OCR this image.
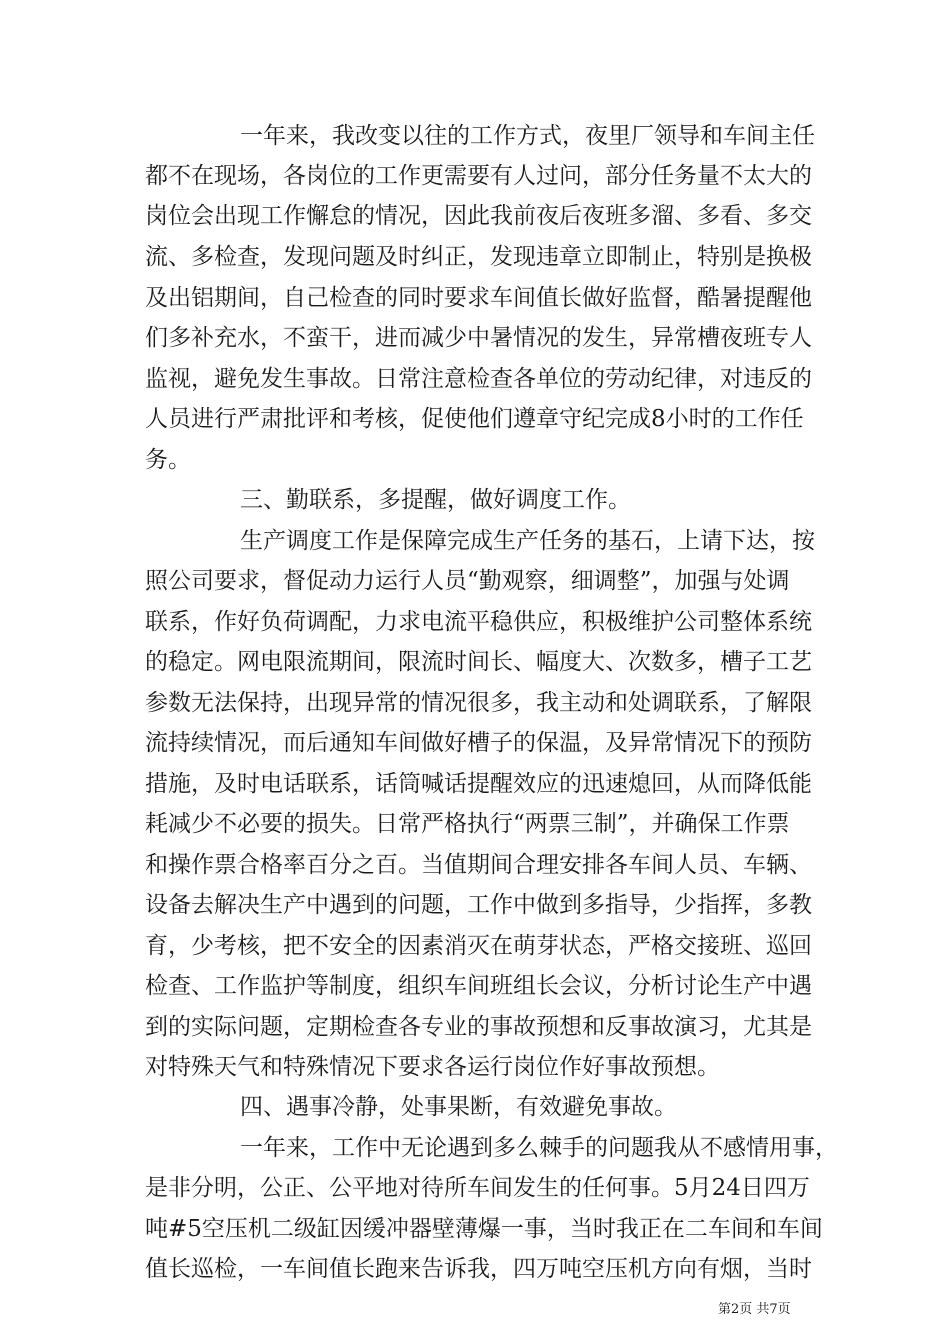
一年来，我改变以往的工作方式，夜里厂领导和车间主任
都不在现场，各岗位的工作更需要有人过问，部分任务量不太大的
岗位会出现工作懈怠的情况，因此我前夜后夜班多溜、多看、多交
流、多检查，发现问题及时纠正，发现违章立即制止，特别是换极
及出铝期间，自己检查的同时要求车间值长做好监督，酷暑提醒他
们多补充水，不蛮干，进而减少中暑情况的发生，异常槽夜班专人
监视，避免发生事故。日常注意检查各单位的劳动纪律，对违反的
人员进行严肃批评和考核，促使他们遵章守纪完成8小时的工作任
务。
三、勤联系，多提醒，做好调度工作。
生产调度工作是保障完成生产任务的基石，上请下达，按
照公司要求，督促动力运行人员“勤观察，细调整”，加强与处调
联系，作好负荷调配，力求电流平稳供应，积极维护公司整体系统
的稳定。网电限流期间，限流时间长、幅度大、次数多，槽子工艺
参数无法保持，出现异常的情况很多，我主动和处调联系，了解限
流持续情况，而后通知车间做好槽子的保温，及异常情况下的预防
措施，及时电话联系，话筒喊话提醒效应的迅速熄回，从而降低能
耗减少不必要的损失。日常严格执行“两票三制”，并确保工作票
和操作票合格率百分之百。当值期间合理安排各车间人员、车辆、
设备去解决生产中遇到的问题，工作中做到多指导，少指挥，多教
育，少考核，把不安全的因素消灭在萌芽状态，严格交接班、巡回
检查、工作监护等制度，组织车间班组长会议，分析讨论生产中遇
到的实际问题，定期检查各专业的事故预想和反事故演习，尤其是
对特殊天气和特殊情况下要求各运行岗位作好事故预想。
四、遇事冷静，处事果断，有效避免事故。
一年来，工作中无论遇到多么棘手的问题我从不感情用事，
是非分明，公正、公平地对待所车间发生的任何事。5月24日四万
吨#5空压机二级缸因缓冲器壁薄爆一事，当时我正在二车间和车间
值长巡检，一车间值长跑来告诉我，四万吨空压机方向有烟，当时
第2页 共7页
